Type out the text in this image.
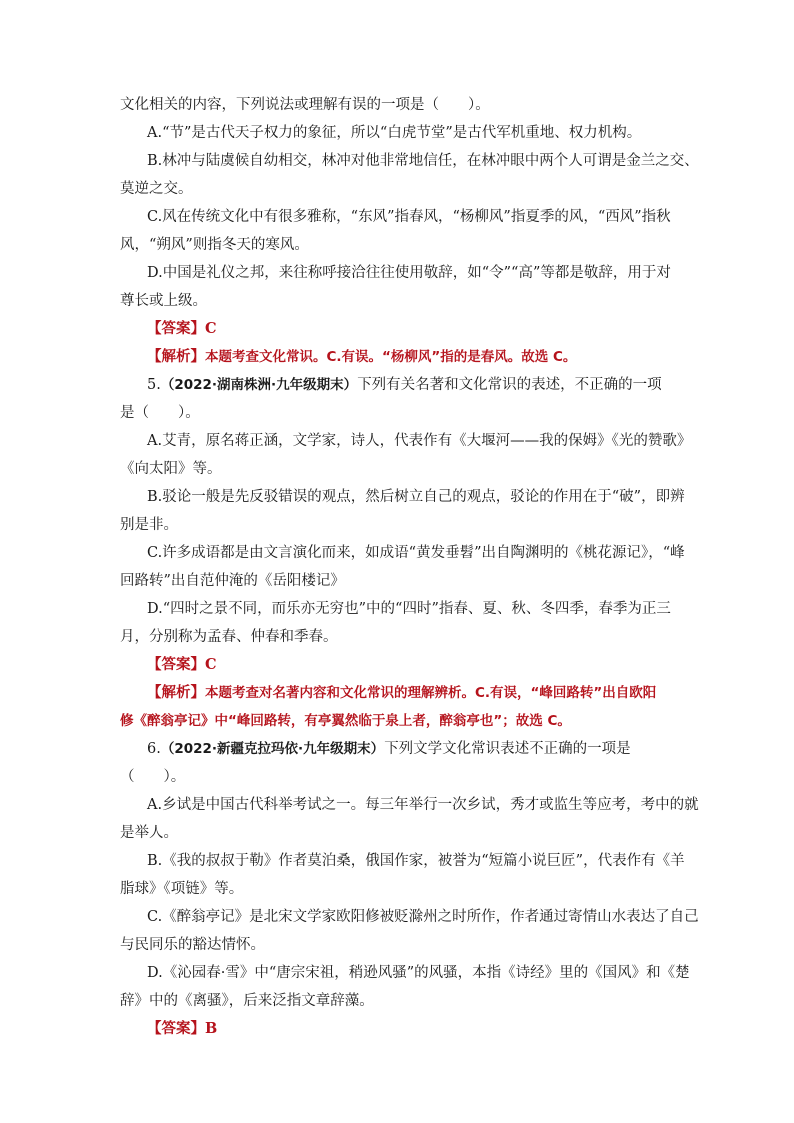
文化相关的内容，下列说法或理解有误的一项是（　　）。
A.“节”是古代天子权力的象征，所以“白虎节堂”是古代军机重地、权力机构。
B.林冲与陆虞候自幼相交，林冲对他非常地信任，在林冲眼中两个人可谓是金兰之交、
莫逆之交。
C.风在传统文化中有很多雅称，“东风”指春风，“杨柳风”指夏季的风，“西风”指秋
风，“朔风”则指冬天的寒风。
D.中国是礼仪之邦，来往称呼接洽往往使用敬辞，如“令”“高”等都是敬辞，用于对
尊长或上级。
【答案】C
【解析】本题考查文化常识。C.有误。“杨柳风”指的是春风。故选 C。
5.（2022·湖南株洲·九年级期末）下列有关名著和文化常识的表述，不正确的一项
是（　　）。
A.艾青，原名蒋正涵，文学家，诗人，代表作有《大堰河——我的保姆》《光的赞歌》
《向太阳》等。
B.驳论一般是先反驳错误的观点，然后树立自己的观点，驳论的作用在于“破”，即辨
别是非。
C.许多成语都是由文言演化而来，如成语“黄发垂髫”出自陶渊明的《桃花源记》，“峰
回路转”出自范仲淹的《岳阳楼记》
D.“四时之景不同，而乐亦无穷也”中的“四时”指春、夏、秋、冬四季，春季为正三
月，分别称为孟春、仲春和季春。
【答案】C
【解析】本题考查对名著内容和文化常识的理解辨析。C.有误，“峰回路转”出自欧阳
修《醉翁亭记》中“峰回路转，有亭翼然临于泉上者，醉翁亭也”；故选 C。
6.（2022·新疆克拉玛依·九年级期末）下列文学文化常识表述不正确的一项是
（　　）。
A.乡试是中国古代科举考试之一。每三年举行一次乡试，秀才或监生等应考，考中的就
是举人。
B.《我的叔叔于勒》作者莫泊桑，俄国作家，被誉为“短篇小说巨匠”，代表作有《羊
脂球》《项链》等。
C.《醉翁亭记》是北宋文学家欧阳修被贬滁州之时所作，作者通过寄情山水表达了自己
与民同乐的豁达情怀。
D.《沁园春·雪》中“唐宗宋祖，稍逊风骚”的风骚，本指《诗经》里的《国风》和《楚
辞》中的《离骚》，后来泛指文章辞藻。
【答案】B
